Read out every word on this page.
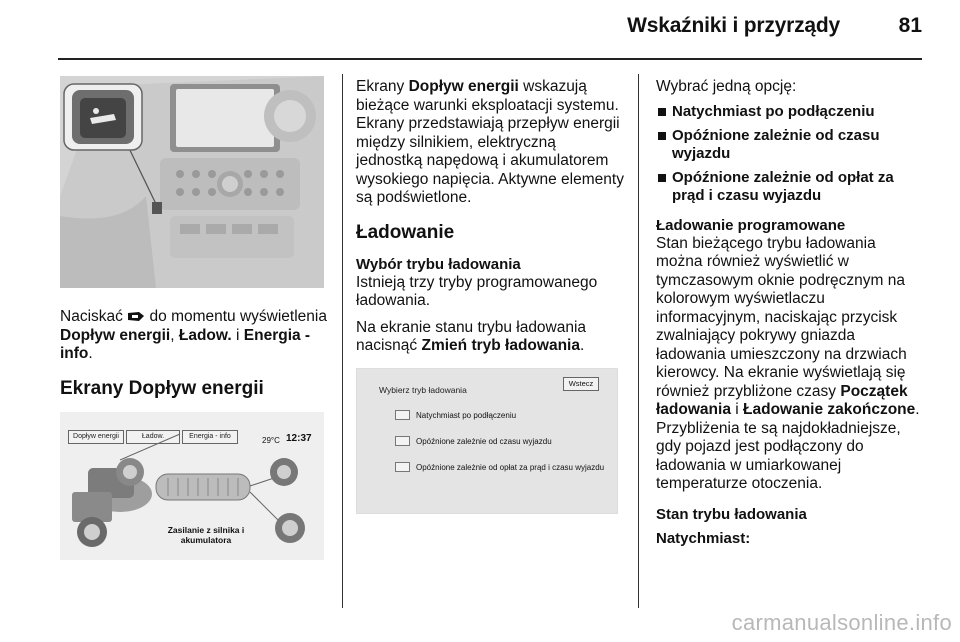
Wskaźniki i przyrządy	81

Naciskać do momentu wyświetlenia Dopływ energii, Ładow. i Energia - info.

Ekrany Dopływ energii
Dopływ energii	Ładow.	Energia - info	29°C 12:37
Zasilanie z silnika i
akumulatora

Ekrany Dopływ energii wskazują bieżące warunki eksploatacji systemu. Ekrany przedstawiają przepływ energii między silnikiem, elektryczną jednostką napędową i akumulatorem wysokiego napięcia. Aktywne elementy są podświetlone.

Ładowanie
Wybór trybu ładowania

Istnieją trzy tryby programowanego ładowania.

Na ekranie stanu trybu ładowania nacisnąć Zmień tryb ładowania.

Wybierz tryb ładowania
Wstecz
Natychmiast po podłączeniu
Opóźnione zależnie od czasu wyjazdu
Opóźnione zależnie od opłat za prąd i czasu wyjazdu

Wybrać jedną opcję:

Natychmiast po podłączeniu
Opóźnione zależnie od czasu wyjazdu
Opóźnione zależnie od opłat za prąd i czasu wyjazdu
Ładowanie programowane

Stan bieżącego trybu ładowania można również wyświetlić w tymczasowym oknie podręcznym na kolorowym wyświetlaczu informacyjnym, naciskając przycisk zwalniający pokrywy gniazda ładowania umieszczony na drzwiach kierowcy. Na ekranie wyświetlają się również przybliżone czasy Początek ładowania i Ładowanie zakończone. Przybliżenia te są najdokładniejsze, gdy pojazd jest podłączony do ładowania w umiarkowanej temperaturze otoczenia.

Stan trybu ładowania
Natychmiast:
carmanualsonline.info
